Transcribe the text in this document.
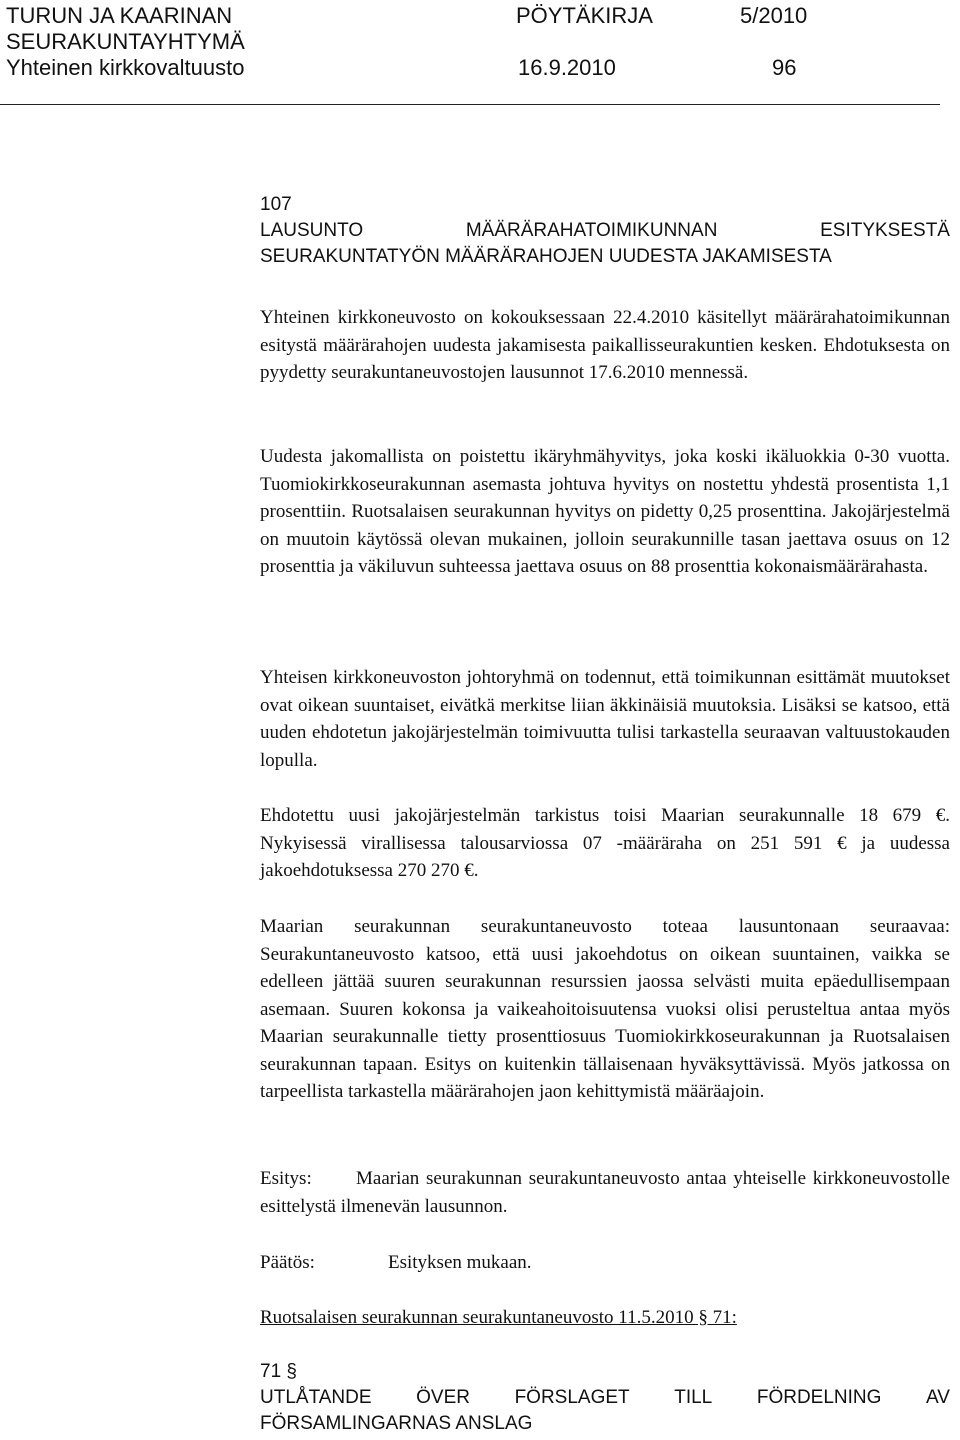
TURUN JA KAARINAN	PÖYTÄKIRJA	5/2010
SEURAKUNTAYHTYMÄ
Yhteinen kirkkovaltuusto	16.9.2010	96
107
LAUSUNTO	MÄÄRÄRAHATOIMIKUNNAN	ESITYKSESTÄ
SEURAKUNTATYÖN MÄÄRÄRAHOJEN UUDESTA JAKAMISESTA

Yhteinen kirkkoneuvosto on kokouksessaan 22.4.2010 käsitellyt määrärahatoimikunnan esitystä määrärahojen uudesta jakamisesta paikallisseurakuntien kesken. Ehdotuksesta on pyydetty seurakuntaneuvostojen lausunnot 17.6.2010 mennessä.

Uudesta jakomallista on poistettu ikäryhmähyvitys, joka koski ikäluokkia 0-30 vuotta. Tuomiokirkkoseurakunnan asemasta johtuva hyvitys on nostettu yhdestä prosentista 1,1 prosenttiin. Ruotsalaisen seurakunnan hyvitys on pidetty 0,25 prosenttina. Jakojärjestelmä on muutoin käytössä olevan mukainen, jolloin seurakunnille tasan jaettava osuus on 12 prosenttia ja väkiluvun suhteessa jaettava osuus on 88 prosenttia kokonaismäärärahasta.

Yhteisen kirkkoneuvoston johtoryhmä on todennut, että toimikunnan esittämät muutokset ovat oikean suuntaiset, eivätkä merkitse liian äkkinäisiä muutoksia. Lisäksi se katsoo, että uuden ehdotetun jakojärjestelmän toimivuutta tulisi tarkastella seuraavan valtuustokauden lopulla.

Ehdotettu uusi jakojärjestelmän tarkistus toisi Maarian seurakunnalle 18 679 €. Nykyisessä virallisessa talousarviossa 07 -määräraha on 251 591 € ja uudessa jakoehdotuksessa 270 270 €.

Maarian seurakunnan seurakuntaneuvosto toteaa lausuntonaan seuraavaa: Seurakuntaneuvosto katsoo, että uusi jakoehdotus on oikean suuntainen, vaikka se edelleen jättää suuren seurakunnan resurssien jaossa selvästi muita epäedullisempaan asemaan. Suuren kokonsa ja vaikeahoitoisuutensa vuoksi olisi perusteltua antaa myös Maarian seurakunnalle tietty prosenttiosuus Tuomiokirkkoseurakunnan ja Ruotsalaisen seurakunnan tapaan. Esitys on kuitenkin tällaisenaan hyväksyttävissä. Myös jatkossa on tarpeellista tarkastella määrärahojen jaon kehittymistä määräajoin.

Esitys: Maarian seurakunnan seurakuntaneuvosto antaa yhteiselle kirkkoneuvostolle esittelystä ilmenevän lausunnon.

Päätös:	Esityksen mukaan.

Ruotsalaisen seurakunnan seurakuntaneuvosto 11.5.2010 § 71:
71 §
UTLÅTANDE ÖVER FÖRSLAGET TILL FÖRDELNING AV
FÖRSAMLINGARNAS ANSLAG
